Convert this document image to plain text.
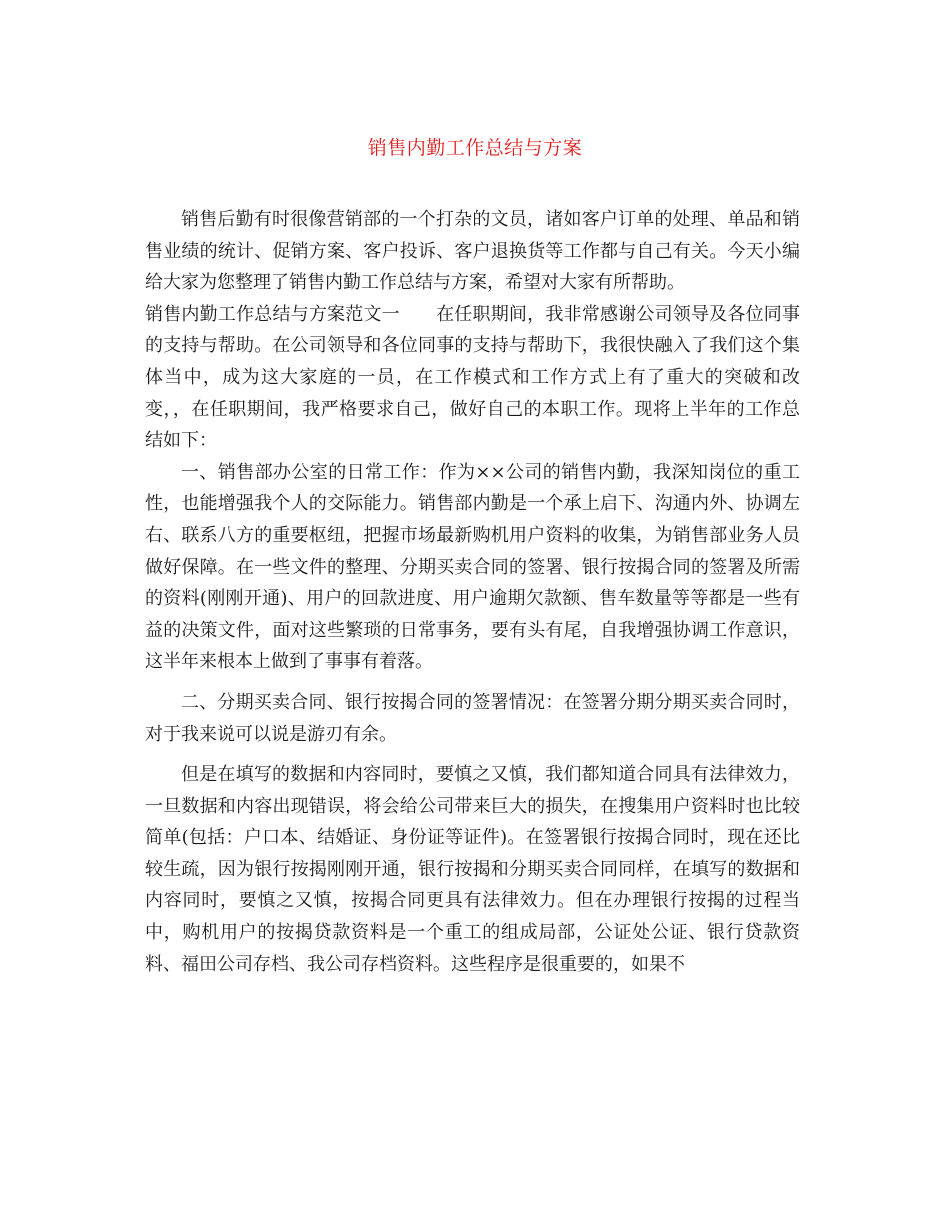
销售内勤工作总结与方案

销售后勤有时很像营销部的一个打杂的文员，诸如客户订单的处理、单品和销售业绩的统计、促销方案、客户投诉、客户退换货等工作都与自己有关。今天小编给大家为您整理了销售内勤工作总结与方案，希望对大家有所帮助。

销售内勤工作总结与方案范文一 在任职期间，我非常感谢公司领导及各位同事的支持与帮助。在公司领导和各位同事的支持与帮助下，我很快融入了我们这个集体当中，成为这大家庭的一员，在工作模式和工作方式上有了重大的突破和改变，，在任职期间，我严格要求自己，做好自己的本职工作。现将上半年的工作总结如下：

一、销售部办公室的日常工作：作为××公司的销售内勤，我深知岗位的重工性，也能增强我个人的交际能力。销售部内勤是一个承上启下、沟通内外、协调左右、联系八方的重要枢纽，把握市场最新购机用户资料的收集，为销售部业务人员做好保障。在一些文件的整理、分期买卖合同的签署、银行按揭合同的签署及所需的资料(刚刚开通)、用户的回款进度、用户逾期欠款额、售车数量等等都是一些有益的决策文件，面对这些繁琐的日常事务，要有头有尾，自我增强协调工作意识，这半年来根本上做到了事事有着落。

二、分期买卖合同、银行按揭合同的签署情况：在签署分期分期买卖合同时，对于我来说可以说是游刃有余。

但是在填写的数据和内容同时，要慎之又慎，我们都知道合同具有法律效力，一旦数据和内容出现错误，将会给公司带来巨大的损失，在搜集用户资料时也比较简单(包括：户口本、结婚证、身份证等证件)。在签署银行按揭合同时，现在还比较生疏，因为银行按揭刚刚开通，银行按揭和分期买卖合同同样，在填写的数据和内容同时，要慎之又慎，按揭合同更具有法律效力。但在办理银行按揭的过程当中，购机用户的按揭贷款资料是一个重工的组成局部，公证处公证、银行贷款资料、福田公司存档、我公司存档资料。这些程序是很重要的，如果不
